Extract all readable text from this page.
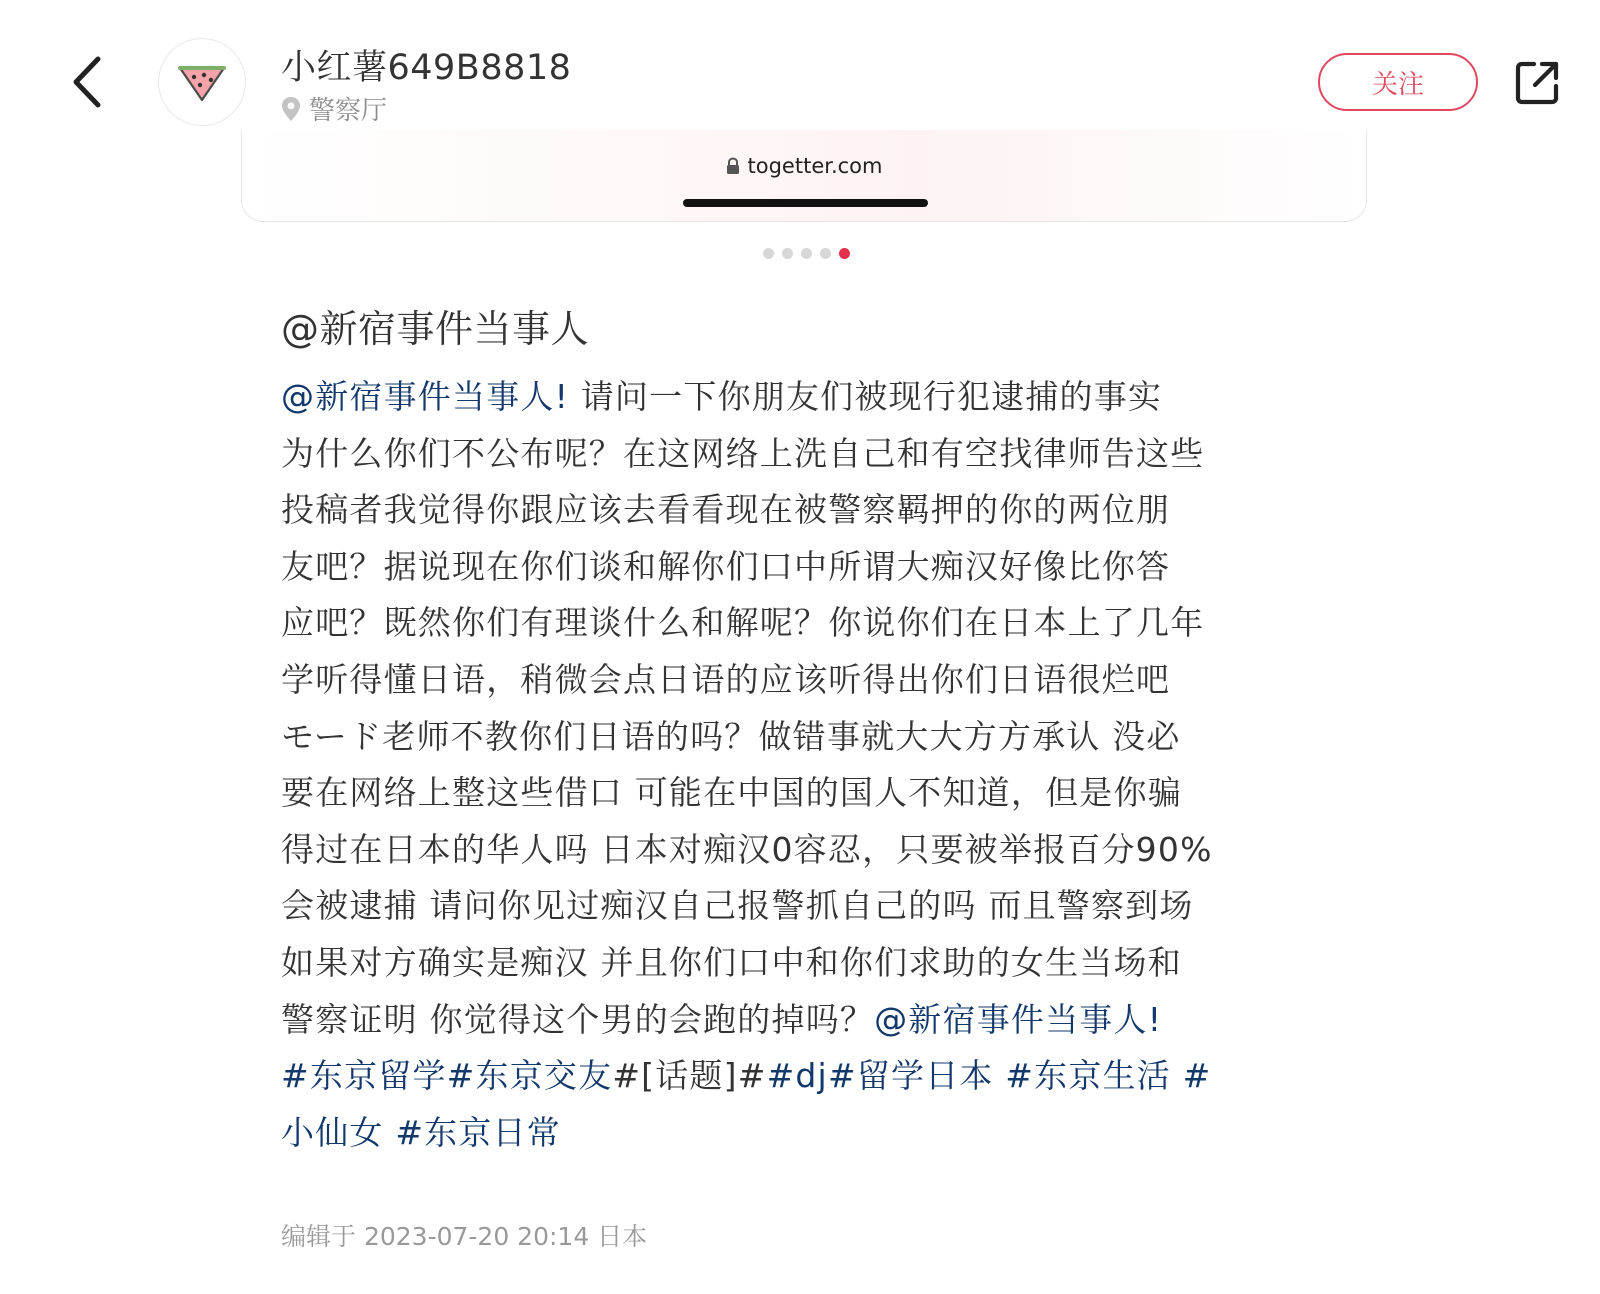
小红薯649B8818
警察厅
关注
togetter.com
@新宿事件当事人
@新宿事件当事人! 请问一下你朋友们被现行犯逮捕的事实
为什么你们不公布呢？在这网络上洗自己和有空找律师告这些
投稿者我觉得你跟应该去看看现在被警察羁押的你的两位朋
友吧？据说现在你们谈和解你们口中所谓大痴汉好像比你答
应吧？既然你们有理谈什么和解呢？你说你们在日本上了几年
学听得懂日语，稍微会点日语的应该听得出你们日语很烂吧
モード老师不教你们日语的吗？做错事就大大方方承认 没必
要在网络上整这些借口 可能在中国的国人不知道，但是你骗
得过在日本的华人吗 日本对痴汉0容忍，只要被举报百分90%
会被逮捕 请问你见过痴汉自己报警抓自己的吗 而且警察到场
如果对方确实是痴汉 并且你们口中和你们求助的女生当场和
警察证明 你觉得这个男的会跑的掉吗？@新宿事件当事人!
#东京留学#东京交友#[话题]##dj#留学日本 #东京生活 #
小仙女 #东京日常
编辑于 2023-07-20 20:14 日本
